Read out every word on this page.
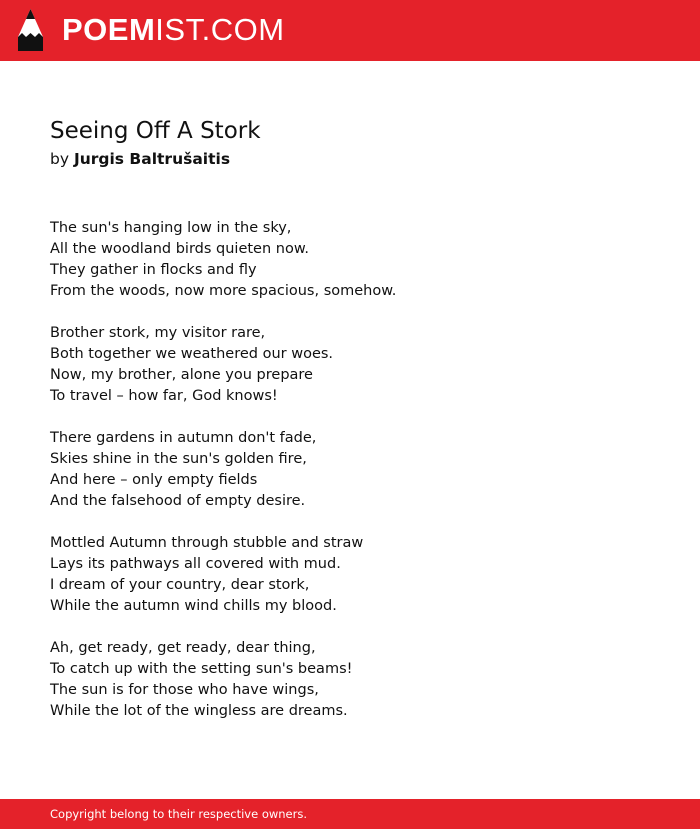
POEMIST.COM
Seeing Off A Stork
by Jurgis Baltrušaitis
The sun's hanging low in the sky,
All the woodland birds quieten now.
They gather in flocks and fly
From the woods, now more spacious, somehow.
Brother stork, my visitor rare,
Both together we weathered our woes.
Now, my brother, alone you prepare
To travel – how far, God knows!
There gardens in autumn don't fade,
Skies shine in the sun's golden fire,
And here – only empty fields
And the falsehood of empty desire.
Mottled Autumn through stubble and straw
Lays its pathways all covered with mud.
I dream of your country, dear stork,
While the autumn wind chills my blood.
Ah, get ready, get ready, dear thing,
To catch up with the setting sun's beams!
The sun is for those who have wings,
While the lot of the wingless are dreams.
Copyright belong to their respective owners.
